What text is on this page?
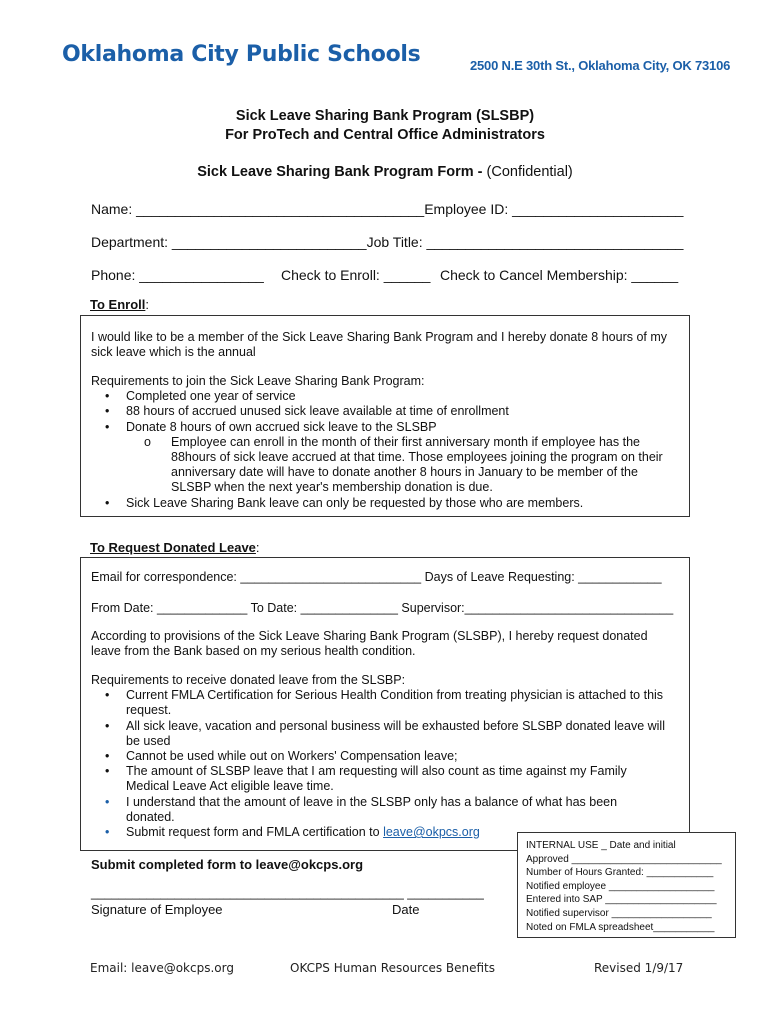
Oklahoma City Public Schools	2500 N.E 30th St., Oklahoma City, OK 73106
Sick Leave Sharing Bank Program (SLSBP)
For ProTech and Central Office Administrators
Sick Leave Sharing Bank Program Form - (Confidential)
Name: _____________________________________Employee ID: ______________________
Department: _________________________Job Title: _________________________________
Phone: ________________ Check to Enroll: ______ Check to Cancel Membership: ______
To Enroll:
I would like to be a member of the Sick Leave Sharing Bank Program and I hereby donate 8 hours of my
sick leave which is the annual
Requirements to join the Sick Leave Sharing Bank Program:
• Completed one year of service
• 88 hours of accrued unused sick leave available at time of enrollment
• Donate 8 hours of own accrued sick leave to the SLSBP
o Employee can enroll in the month of their first anniversary month if employee has the
88hours of sick leave accrued at that time. Those employees joining the program on their
anniversary date will have to donate another 8 hours in January to be member of the
SLSBP when the next year's membership donation is due.
• Sick Leave Sharing Bank leave can only be requested by those who are members.
To Request Donated Leave:
Email for correspondence: __________________________ Days of Leave Requesting: ____________
From Date: _____________ To Date: ______________ Supervisor:______________________________
According to provisions of the Sick Leave Sharing Bank Program (SLSBP), I hereby request donated
leave from the Bank based on my serious health condition.
Requirements to receive donated leave from the SLSBP:
• Current FMLA Certification for Serious Health Condition from treating physician is attached to this
request.
• All sick leave, vacation and personal business will be exhausted before SLSBP donated leave will
be used
• Cannot be used while out on Workers' Compensation leave;
• The amount of SLSBP leave that I am requesting will also count as time against my Family
Medical Leave Act eligible leave time.
• I understand that the amount of leave in the SLSBP only has a balance of what has been
donated.
• Submit request form and FMLA certification to leave@okpcs.org
Submit completed form to leave@okcps.org
_____________________________________________ ___________
Signature of Employee	Date
INTERNAL USE _ Date and initial
Approved ___________________________
Number of Hours Granted: ____________
Notified employee ___________________
Entered into SAP ____________________
Notified supervisor __________________
Noted on FMLA spreadsheet___________
Email: leave@okcps.org	OKCPS Human Resources Benefits	Revised 1/9/17
